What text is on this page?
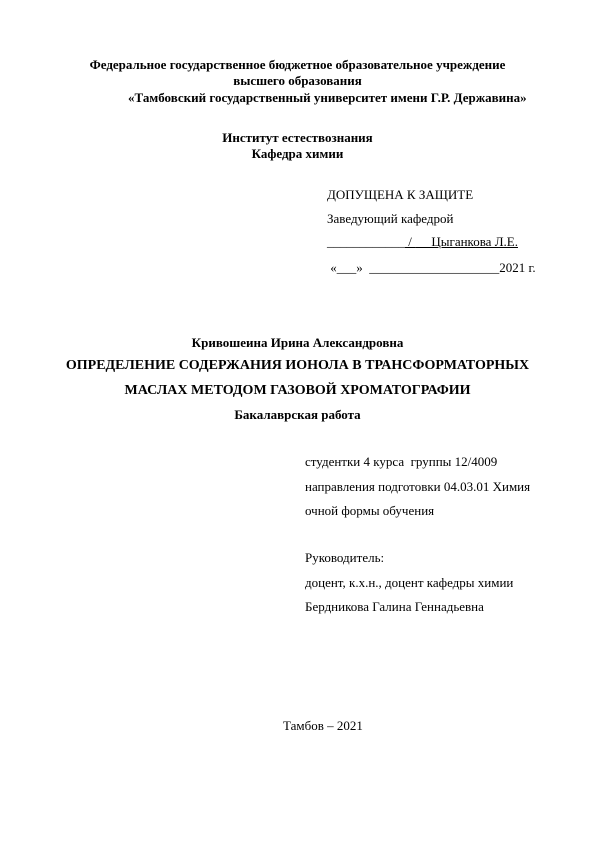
Федеральное государственное бюджетное образовательное учреждение
высшего образования
«Тамбовский государственный университет имени Г.Р. Державина»
Институт естествознания
Кафедра химии
ДОПУЩЕНА К ЗАЩИТЕ
Заведующий кафедрой
____________ /      Цыганкова Л.Е.
«___»  ____________________2021 г.
Кривошеина Ирина Александровна
ОПРЕДЕЛЕНИЕ СОДЕРЖАНИЯ ИОНОЛА В ТРАНСФОРМАТОРНЫХ
МАСЛАХ МЕТОДОМ ГАЗОВОЙ ХРОМАТОГРАФИИ
Бакалаврская работа
студентки 4 курса  группы 12/4009
направления подготовки 04.03.01 Химия
очной формы обучения
Руководитель:
доцент, к.х.н., доцент кафедры химии
Бердникова Галина Геннадьевна
Тамбов – 2021
